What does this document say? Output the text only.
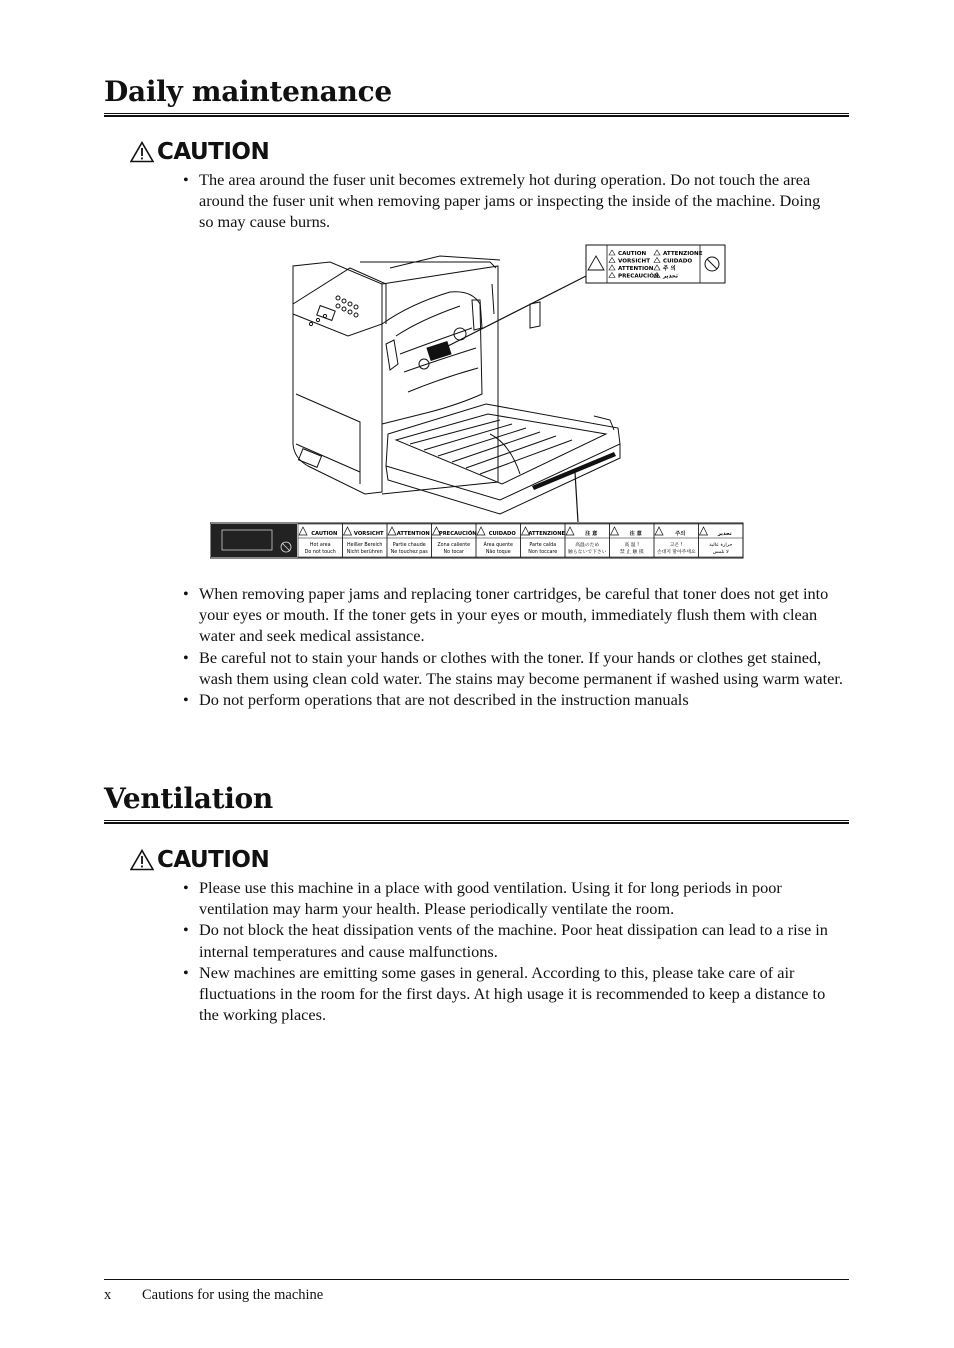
Daily maintenance
CAUTION
• The area around the fuser unit becomes extremely hot during operation. Do not touch the area around the fuser unit when removing paper jams or inspecting the inside of the machine. Doing so may cause burns.
CAUTION
VORSICHT
ATTENTION
PRECAUCIÓN
ATTENZIONE
CUIDADO
주 의
تحذير
CAUTION
Hot area
Do not touch
VORSICHT
Heißer Bereich
Nicht berühren
ATTENTION
Partie chaude
Ne touchez pas
PRECAUCIÓN
Zona caliente
No tocar
CUIDADO
Área quente
Não toque
ATTENZIONE
Parte calda
Non toccare
注 意
高温のため
触らないで下さい
注 意
高 温 !
禁 止 触 摸
주의
고온 !
손대지 말아주세요
تحذير
حرارة عالية
لا تلمس
• When removing paper jams and replacing toner cartridges, be careful that toner does not get into your eyes or mouth. If the toner gets in your eyes or mouth, immediately flush them with clean water and seek medical assistance.
• Be careful not to stain your hands or clothes with the toner. If your hands or clothes get stained, wash them using clean cold water. The stains may become permanent if washed using warm water.
• Do not perform operations that are not described in the instruction manuals
Ventilation
CAUTION
• Please use this machine in a place with good ventilation. Using it for long periods in poor ventilation may harm your health. Please periodically ventilate the room.
• Do not block the heat dissipation vents of the machine. Poor heat dissipation can lead to a rise in internal temperatures and cause malfunctions.
• New machines are emitting some gases in general. According to this, please take care of air fluctuations in the room for the first days. At high usage it is recommended to keep a distance to the working places.
x Cautions for using the machine
